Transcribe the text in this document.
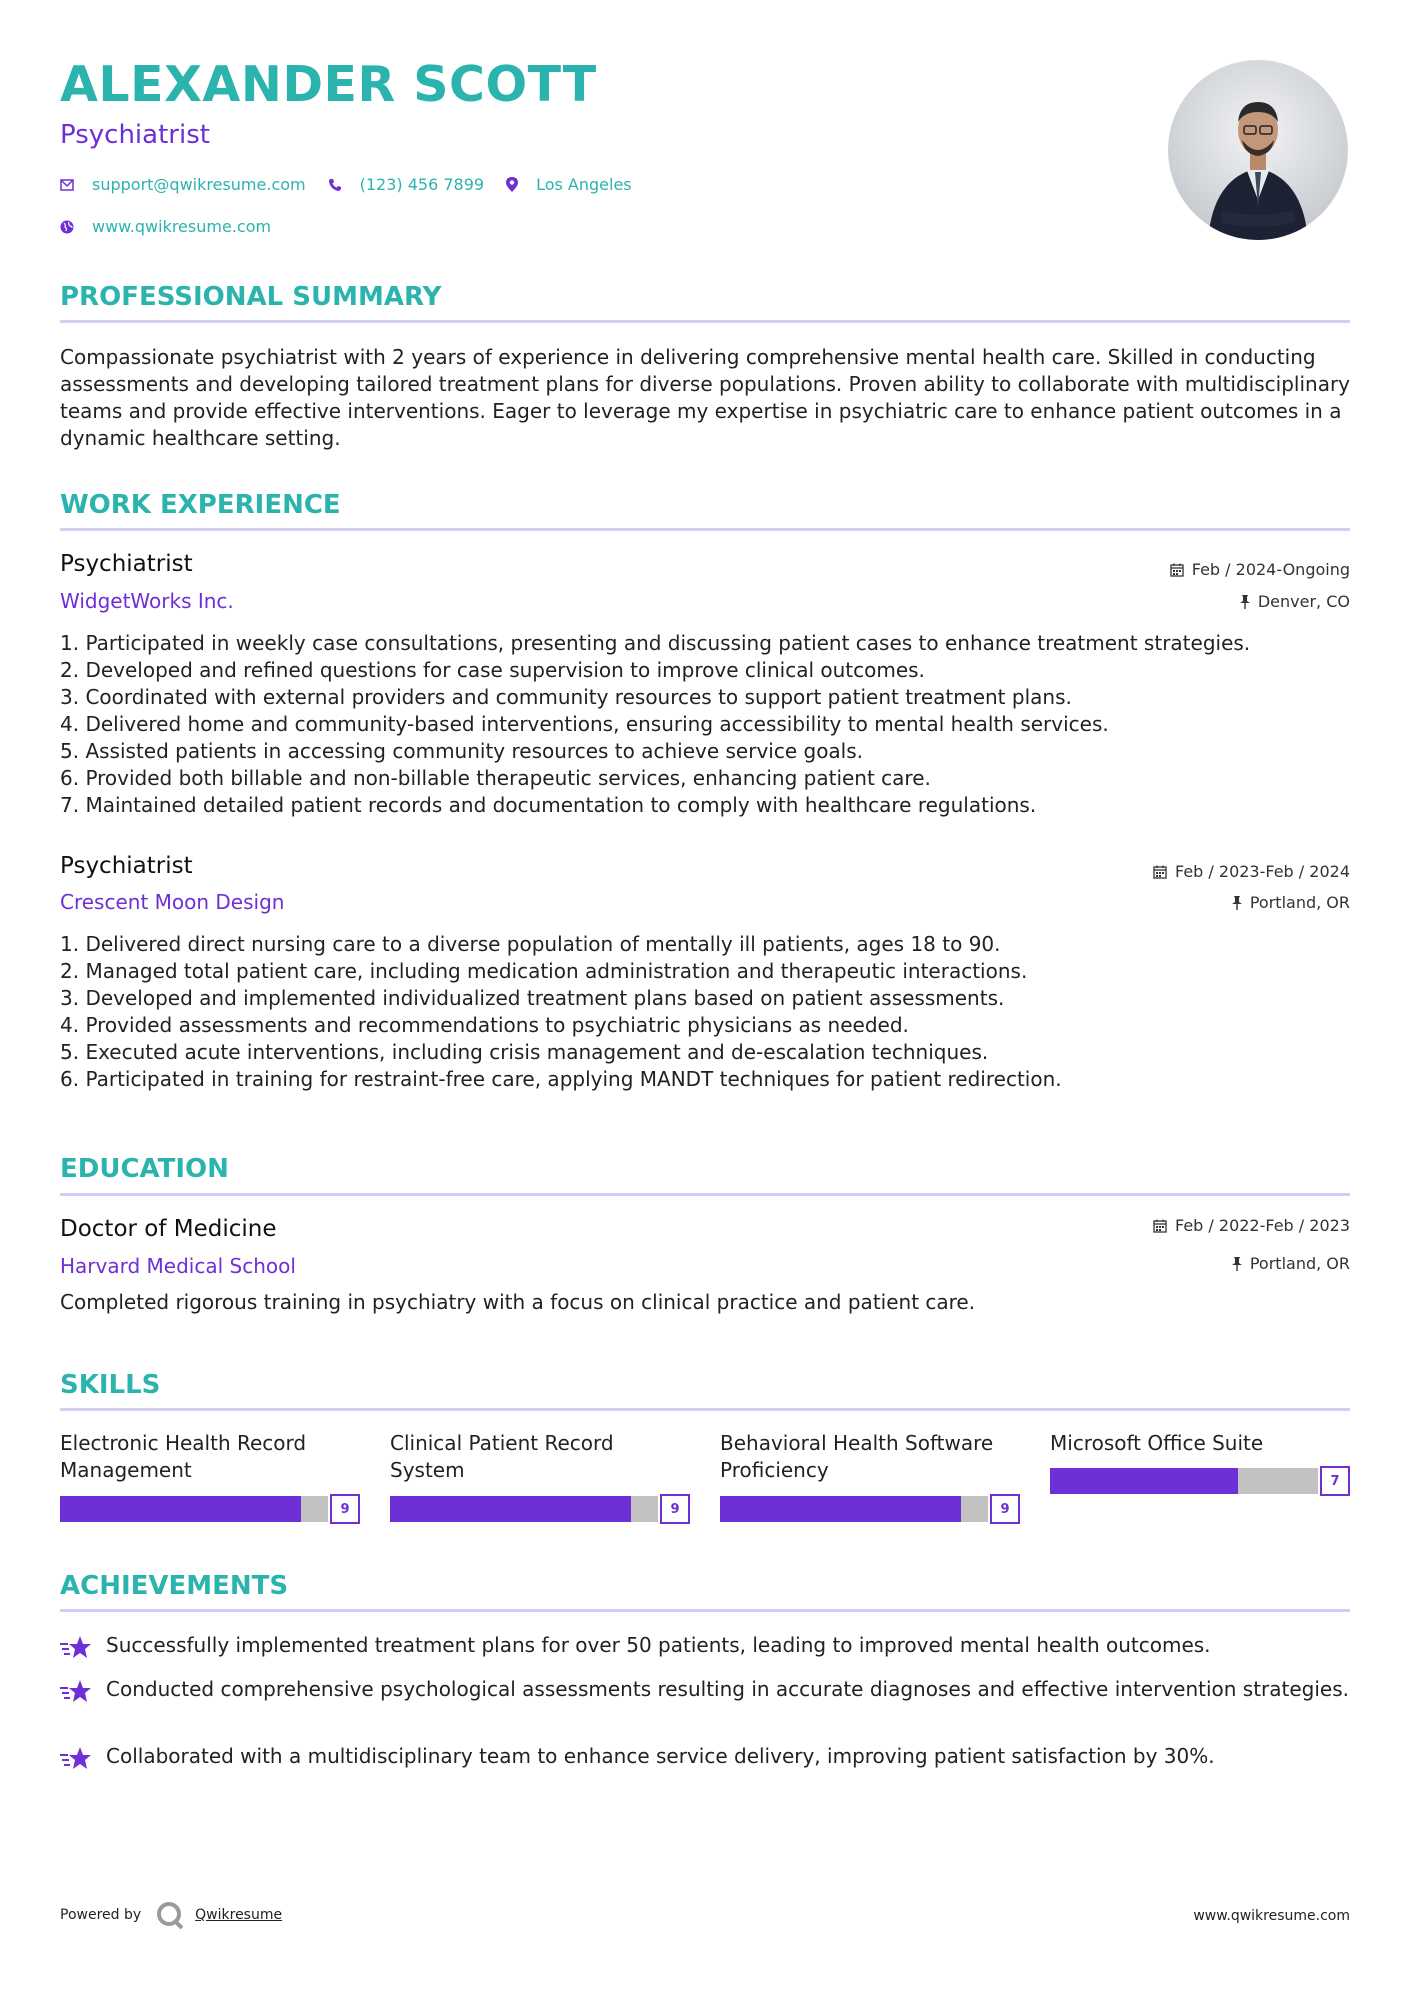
ALEXANDER SCOTT

Psychiatrist

support@qwikresume.com	(123) 456 7899	Los Angeles
www.qwikresume.com
PROFESSIONAL SUMMARY

Compassionate psychiatrist with 2 years of experience in delivering comprehensive mental health care. Skilled in conducting assessments and developing tailored treatment plans for diverse populations. Proven ability to collaborate with multidisciplinary teams and provide effective interventions. Eager to leverage my expertise in psychiatric care to enhance patient outcomes in a dynamic healthcare setting.

WORK EXPERIENCE

Psychiatrist	Feb / 2024-Ongoing

WidgetWorks Inc.	Denver, CO
1. Participated in weekly case consultations, presenting and discussing patient cases to enhance treatment strategies.
2. Developed and refined questions for case supervision to improve clinical outcomes.
3. Coordinated with external providers and community resources to support patient treatment plans.
4. Delivered home and community-based interventions, ensuring accessibility to mental health services.
5. Assisted patients in accessing community resources to achieve service goals.
6. Provided both billable and non-billable therapeutic services, enhancing patient care.
7. Maintained detailed patient records and documentation to comply with healthcare regulations.

Psychiatrist	Feb / 2023-Feb / 2024

Crescent Moon Design	Portland, OR
1. Delivered direct nursing care to a diverse population of mentally ill patients, ages 18 to 90.
2. Managed total patient care, including medication administration and therapeutic interactions.
3. Developed and implemented individualized treatment plans based on patient assessments.
4. Provided assessments and recommendations to psychiatric physicians as needed.
5. Executed acute interventions, including crisis management and de-escalation techniques.
6. Participated in training for restraint-free care, applying MANDT techniques for patient redirection.
EDUCATION

Doctor of Medicine	Feb / 2022-Feb / 2023

Harvard Medical School	Portland, OR

Completed rigorous training in psychiatry with a focus on clinical practice and patient care.

SKILLS

Electronic Health Record Management

9

Clinical Patient Record System

9

Behavioral Health Software Proficiency

9

Microsoft Office Suite

7
ACHIEVEMENTS

Successfully implemented treatment plans for over 50 patients, leading to improved mental health outcomes.

Conducted comprehensive psychological assessments resulting in accurate diagnoses and effective intervention strategies.

Collaborated with a multidisciplinary team to enhance service delivery, improving patient satisfaction by 30%.

Powered by	Qwikresume	www.qwikresume.com
